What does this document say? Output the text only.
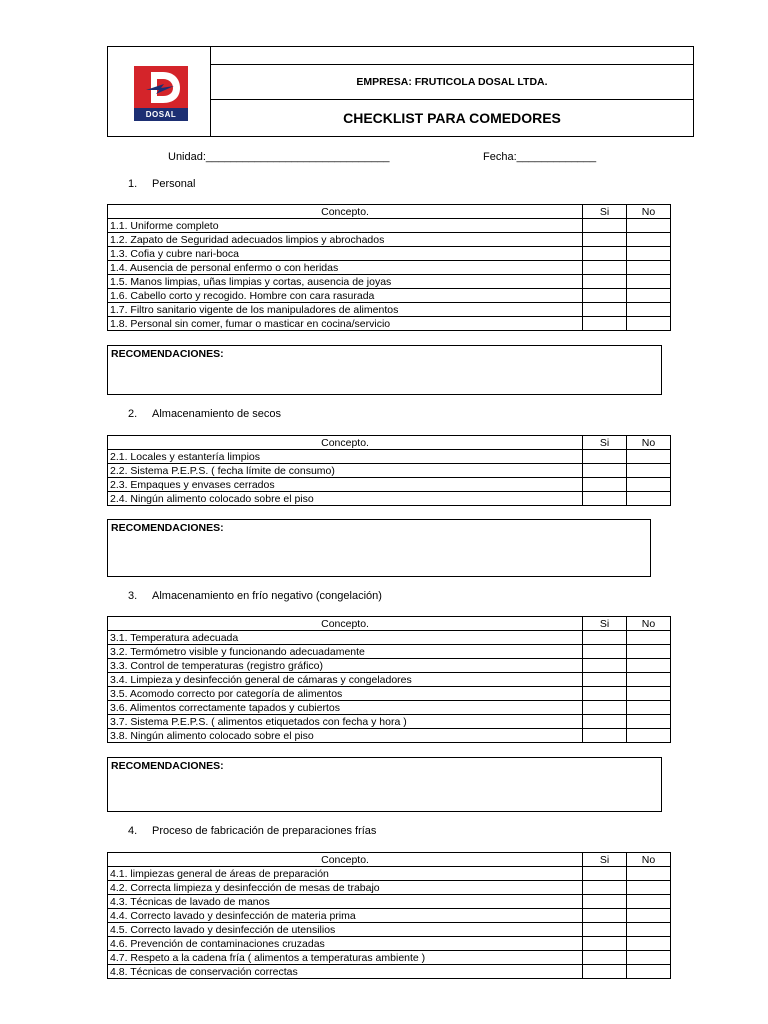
DOSAL
EMPRESA: FRUTICOLA DOSAL LTDA.
CHECKLIST PARA COMEDORES
Unidad:______________________________	Fecha:_____________
1. Personal
Concepto.	Si	No
1.1. Uniforme completo		
1.2. Zapato de Seguridad adecuados limpios y abrochados		
1.3. Cofia y cubre nari-boca		
1.4. Ausencia de personal enfermo o con heridas		
1.5. Manos limpias, uñas limpias y cortas, ausencia de joyas		
1.6. Cabello corto y recogido. Hombre con cara rasurada		
1.7. Filtro sanitario vigente de los manipuladores de alimentos		
1.8. Personal sin comer, fumar o masticar en cocina/servicio		
RECOMENDACIONES:
2. Almacenamiento de secos
Concepto.	Si	No
2.1. Locales y estantería limpios		
2.2. Sistema P.E.P.S. ( fecha límite de consumo)		
2.3. Empaques y envases cerrados		
2.4. Ningún alimento colocado sobre el piso		
RECOMENDACIONES:
3. Almacenamiento en frío negativo (congelación)
Concepto.	Si	No
3.1. Temperatura adecuada		
3.2. Termómetro visible y funcionando adecuadamente		
3.3. Control de temperaturas (registro gráfico)		
3.4. Limpieza y desinfección general de cámaras y congeladores		
3.5. Acomodo correcto por categoría de alimentos		
3.6. Alimentos correctamente tapados y cubiertos		
3.7. Sistema P.E.P.S. ( alimentos etiquetados con fecha y hora )		
3.8. Ningún alimento colocado sobre el piso		
RECOMENDACIONES:
4. Proceso de fabricación de preparaciones frías
Concepto.	Si	No
4.1. limpiezas general de áreas de preparación		
4.2. Correcta limpieza y desinfección de mesas de trabajo		
4.3. Técnicas de lavado de manos		
4.4. Correcto lavado y desinfección de materia prima		
4.5. Correcto lavado y desinfección de utensilios		
4.6. Prevención de contaminaciones cruzadas		
4.7. Respeto a la cadena fría ( alimentos a temperaturas ambiente )		
4.8. Técnicas de conservación correctas		
